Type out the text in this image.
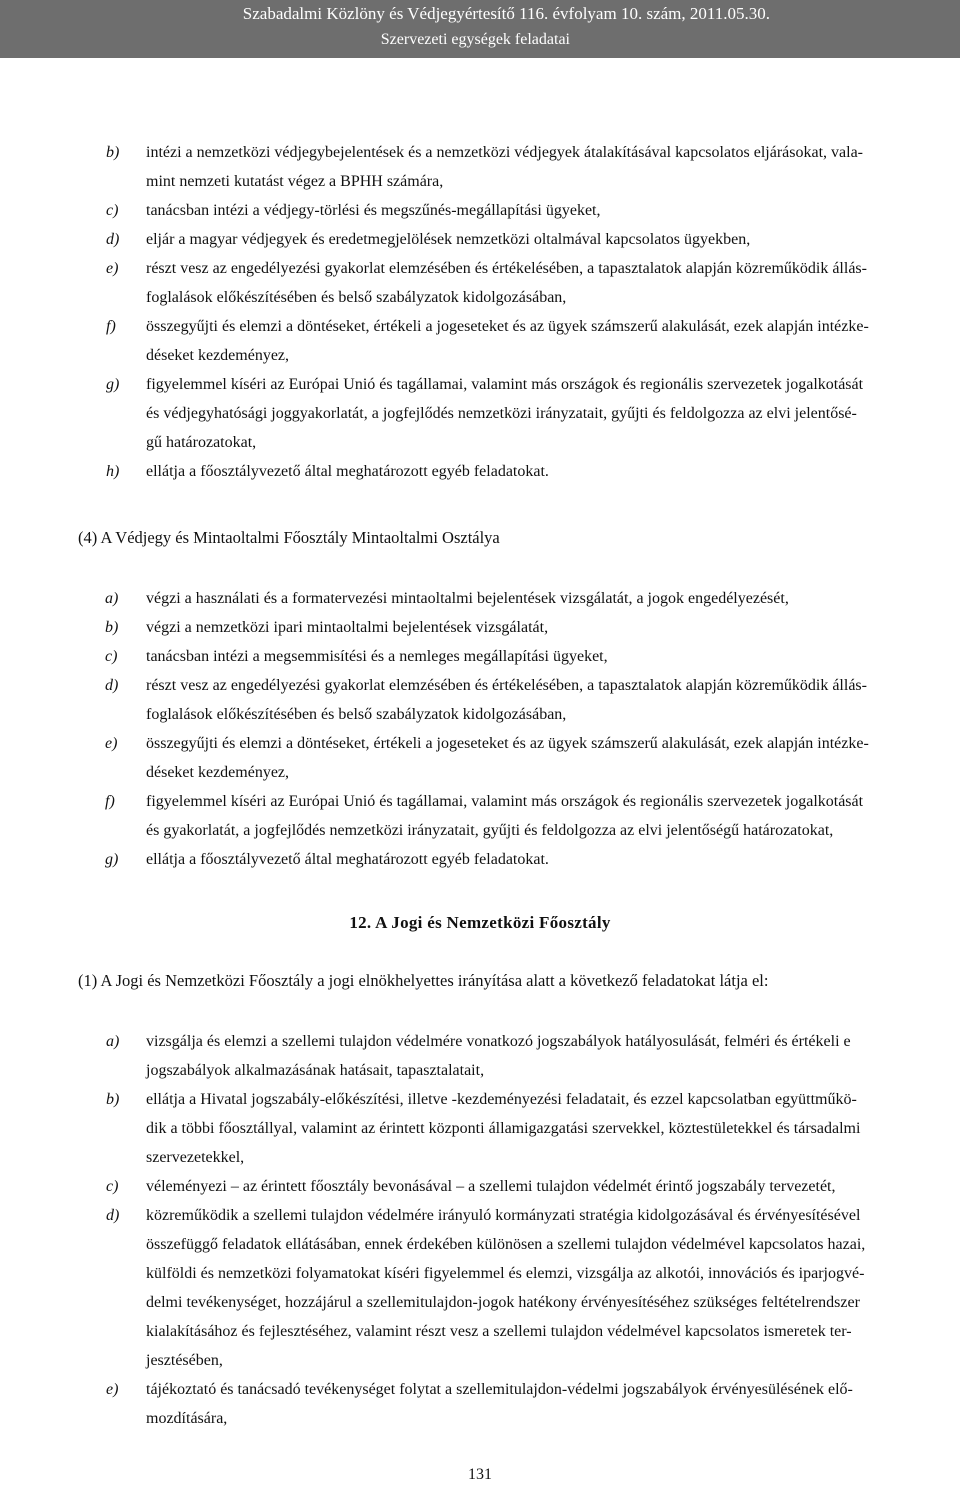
Szabadalmi Közlöny és Védjegyértesítő 116. évfolyam 10. szám, 2011.05.30.
Szervezeti egységek feladatai
b) intézi a nemzetközi védjegybejelentések és a nemzetközi védjegyek átalakításával kapcsolatos eljárásokat, vala-
mint nemzeti kutatást végez a BPHH számára,
c) tanácsban intézi a védjegy-törlési és megszűnés-megállapítási ügyeket,
d) eljár a magyar védjegyek és eredetmegjelölések nemzetközi oltalmával kapcsolatos ügyekben,
e) részt vesz az engedélyezési gyakorlat elemzésében és értékelésében, a tapasztalatok alapján közreműködik állás-
foglalások előkészítésében és belső szabályzatok kidolgozásában,
f) összegyűjti és elemzi a döntéseket, értékeli a jogeseteket és az ügyek számszerű alakulását, ezek alapján intézke-
déseket kezdeményez,
g) figyelemmel kíséri az Európai Unió és tagállamai, valamint más országok és regionális szervezetek jogalkotását
és védjegyhatósági joggyakorlatát, a jogfejlődés nemzetközi irányzatait, gyűjti és feldolgozza az elvi jelentősé-
gű határozatokat,
h) ellátja a főosztályvezető által meghatározott egyéb feladatokat.
(4) A Védjegy és Mintaoltalmi Főosztály Mintaoltalmi Osztálya
a) végzi a használati és a formatervezési mintaoltalmi bejelentések vizsgálatát, a jogok engedélyezését,
b) végzi a nemzetközi ipari mintaoltalmi bejelentések vizsgálatát,
c) tanácsban intézi a megsemmisítési és a nemleges megállapítási ügyeket,
d) részt vesz az engedélyezési gyakorlat elemzésében és értékelésében, a tapasztalatok alapján közreműködik állás-
foglalások előkészítésében és belső szabályzatok kidolgozásában,
e) összegyűjti és elemzi a döntéseket, értékeli a jogeseteket és az ügyek számszerű alakulását, ezek alapján intézke-
déseket kezdeményez,
f) figyelemmel kíséri az Európai Unió és tagállamai, valamint más országok és regionális szervezetek jogalkotását
és gyakorlatát, a jogfejlődés nemzetközi irányzatait, gyűjti és feldolgozza az elvi jelentőségű határozatokat,
g) ellátja a főosztályvezető által meghatározott egyéb feladatokat.
12. A Jogi és Nemzetközi Főosztály
(1) A Jogi és Nemzetközi Főosztály a jogi elnökhelyettes irányítása alatt a következő feladatokat látja el:
a) vizsgálja és elemzi a szellemi tulajdon védelmére vonatkozó jogszabályok hatályosulását, felméri és értékeli e
jogszabályok alkalmazásának hatásait, tapasztalatait,
b) ellátja a Hivatal jogszabály-előkészítési, illetve -kezdeményezési feladatait, és ezzel kapcsolatban együttműkö-
dik a többi főosztállyal, valamint az érintett központi államigazgatási szervekkel, köztestületekkel és társadalmi
szervezetekkel,
c) véleményezi – az érintett főosztály bevonásával – a szellemi tulajdon védelmét érintő jogszabály tervezetét,
d) közreműködik a szellemi tulajdon védelmére irányuló kormányzati stratégia kidolgozásával és érvényesítésével
összefüggő feladatok ellátásában, ennek érdekében különösen a szellemi tulajdon védelmével kapcsolatos hazai,
külföldi és nemzetközi folyamatokat kíséri figyelemmel és elemzi, vizsgálja az alkotói, innovációs és iparjogvé-
delmi tevékenységet, hozzájárul a szellemitulajdon-jogok hatékony érvényesítéséhez szükséges feltételrendszer
kialakításához és fejlesztéséhez, valamint részt vesz a szellemi tulajdon védelmével kapcsolatos ismeretek ter-
jesztésében,
e) tájékoztató és tanácsadó tevékenységet folytat a szellemitulajdon-védelmi jogszabályok érvényesülésének elő-
mozdítására,
131
